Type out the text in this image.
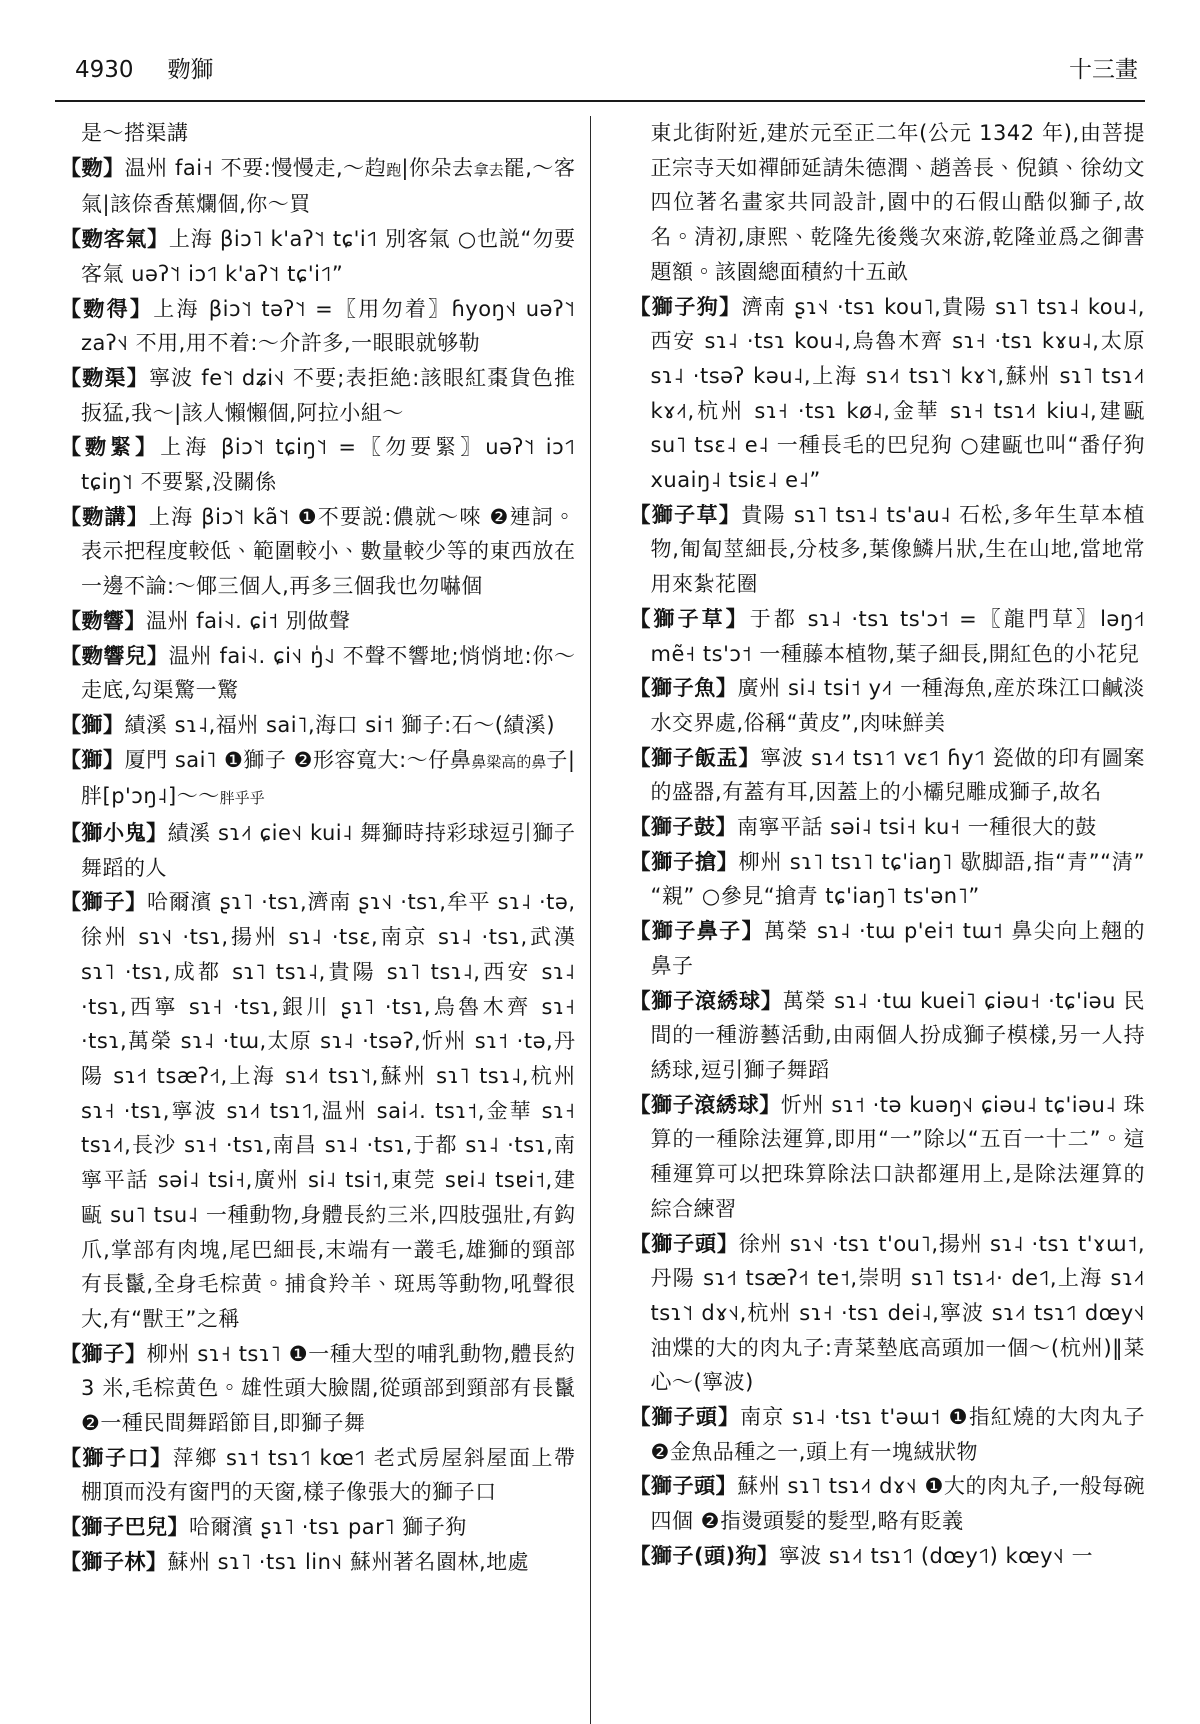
4930 覅獅	十三畫

是～搭渠講

【覅】温州 fai˧ 不要:慢慢走,～赹跑|你朵去拿去罷,～客氣|該倷香蕉爛個,你～買

【覅客氣】上海 βiɔ˥ k'aʔ˥˦ tɕ'i˦˥ 別客氣 ○也説“勿要客氣 uəʔ˥˦ iɔ˦˥ k'aʔ˥˦ tɕ'i˦˥”

【覅得】上海 βiɔ˥˦ təʔ˥˦ =〖用勿着〗ɦyoŋ˦˨ uəʔ˥˦ zaʔ˦˨ 不用,用不着:～介許多,一眼眼就够勒

【覅渠】寧波 fe˥˦ dʑi˦˨ 不要;表拒絶:該眼紅棗貨色推扳猛,我～|該人懶懶個,阿拉小組～

【覅緊】上海 βiɔ˥˦ tɕiŋ˥˦ =〖勿要緊〗uəʔ˥˦ iɔ˦˥ tɕiŋ˥˦ 不要緊,没關係

【覅講】上海 βiɔ˥˦ kã˥˦ ❶不要説:儂就～唻 ❷連詞。表示把程度較低、範圍較小、數量較少等的東西放在一邊不論:～倻三個人,再多三個我也勿嚇個

【覅響】温州 fai˧˨. ɕi˦ 別做聲

【覅響兒】温州 fai˧˨. ɕi˦˨ ŋ̍˨˩ 不聲不響地;悄悄地:你～走底,勾渠驚一驚

【獅】績溪 sɿ˨,福州 sai˥,海口 si˦ 獅子:石～(績溪)

【獅】厦門 sai˥ ❶獅子 ❷形容寬大:～仔鼻鼻梁高的鼻子|胖[p'ɔŋ˨]～～胖乎乎

【獅小鬼】績溪 sɿ˨˦ ɕie˦˨ kui˨ 舞獅時持彩球逗引獅子舞蹈的人

【獅子】哈爾濱 ʂɿ˥ ·tsɿ,濟南 ʂɿ˦˨ ·tsɿ,牟平 sɿ˨ ·tə,徐州 sɿ˦˨ ·tsɿ,揚州 sɿ˨ ·tsɛ,南京 sɿ˨ ·tsɿ,武漢 sɿ˥ ·tsɿ,成都 sɿ˥ tsɿ˨,貴陽 sɿ˥ tsɿ˨,西安 sɿ˨ ·tsɿ,西寧 sɿ˧ ·tsɿ,銀川 ʂɿ˥ ·tsɿ,烏魯木齊 sɿ˧ ·tsɿ,萬榮 sɿ˨ ·tɯ,太原 sɿ˨ ·tsəʔ,忻州 sɿ˦ ·tə,丹陽 sɿ˧˦ tsæʔ˧˦,上海 sɿ˨˦ tsɿ˥˦,蘇州 sɿ˥ tsɿ˨,杭州 sɿ˧ ·tsɿ,寧波 sɿ˨˦ tsɿ˦˥,温州 sai˨˧. tsɿ˦,金華 sɿ˧ tsɿ˨˦,長沙 sɿ˧ ·tsɿ,南昌 sɿ˨ ·tsɿ,于都 sɿ˨ ·tsɿ,南寧平話 səi˨ tsi˧,廣州 si˨ tsi˦,東莞 sɐi˨ tsɐi˦,建甌 su˥ tsu˨ 一種動物,身體長約三米,四肢强壯,有鈎爪,掌部有肉塊,尾巴細長,末端有一叢毛,雄獅的頸部有長鬣,全身毛棕黄。捕食羚羊、斑馬等動物,吼聲很大,有“獸王”之稱

【獅子】柳州 sɿ˧ tsɿ˥ ❶一種大型的哺乳動物,體長約 3 米,毛棕黄色。雄性頭大臉闊,從頭部到頸部有長鬣 ❷一種民間舞蹈節目,即獅子舞

【獅子口】萍鄉 sɿ˦ tsɿ˦˥ kœ˦˥ 老式房屋斜屋面上帶棚頂而没有窗門的天窗,樣子像張大的獅子口

【獅子巴兒】哈爾濱 ʂɿ˥ ·tsɿ par˥ 獅子狗

【獅子林】蘇州 sɿ˥ ·tsɿ lin˦˨ 蘇州著名園林,地處

東北街附近,建於元至正二年(公元 1342 年),由菩提正宗寺天如禪師延請朱德潤、趙善長、倪鎮、徐幼文四位著名畫家共同設計,園中的石假山酷似獅子,故名。清初,康熙、乾隆先後幾次來游,乾隆並爲之御書題額。該園總面積約十五畝

【獅子狗】濟南 ʂɿ˦˨ ·tsɿ kou˥,貴陽 sɿ˥ tsɿ˨ kou˨,西安 sɿ˨ ·tsɿ kou˨,烏魯木齊 sɿ˧ ·tsɿ kɤu˨,太原 sɿ˨ ·tsəʔ kəu˨,上海 sɿ˨˦ tsɿ˥˦ kɤ˥˦,蘇州 sɿ˥ tsɿ˨˦ kɤ˨˦,杭州 sɿ˧ ·tsɿ kø˨,金華 sɿ˧ tsɿ˨˦ kiu˨,建甌 su˥ tsɛ˨ e˨ 一種長毛的巴兒狗 ○建甌也叫“番仔狗 xuaiŋ˨ tsiɛ˨ e˨”

【獅子草】貴陽 sɿ˥ tsɿ˨ ts'au˨ 石松,多年生草本植物,匍匐莖細長,分枝多,葉像鱗片狀,生在山地,當地常用來紮花圈

【獅子草】于都 sɿ˨ ·tsɿ ts'ɔ˦ =〖龍門草〗ləŋ˧˦ mẽ˧ ts'ɔ˦ 一種藤本植物,葉子細長,開紅色的小花兒

【獅子魚】廣州 si˨ tsi˦ y˨˦ 一種海魚,産於珠江口鹹淡水交界處,俗稱“黄皮”,肉味鮮美

【獅子飯盂】寧波 sɿ˨˦ tsɿ˦˥ vɛ˦˥ ɦy˦˥ 瓷做的印有圖案的盛器,有蓋有耳,因蓋上的小欛兒雕成獅子,故名

【獅子鼓】南寧平話 səi˨ tsi˧ ku˧ 一種很大的鼓

【獅子搶】柳州 sɿ˥ tsɿ˥ tɕ'iaŋ˥ 歇脚語,指“青”“清”“親” ○參見“搶青 tɕ'iaŋ˥ ts'ən˥”

【獅子鼻子】萬榮 sɿ˨ ·tɯ p'ei˦ tɯ˦ 鼻尖向上翹的鼻子

【獅子滾綉球】萬榮 sɿ˨ ·tɯ kuei˥ ɕiəu˧ ·tɕ'iəu 民間的一種游藝活動,由兩個人扮成獅子模樣,另一人持綉球,逗引獅子舞蹈

【獅子滾綉球】忻州 sɿ˦ ·tə kuəŋ˦˨ ɕiəu˨ tɕ'iəu˨ 珠算的一種除法運算,即用“一”除以“五百一十二”。這種運算可以把珠算除法口訣都運用上,是除法運算的綜合練習

【獅子頭】徐州 sɿ˦˨ ·tsɿ t'ou˥,揚州 sɿ˨ ·tsɿ t'ɤɯ˦,丹陽 sɿ˧˦ tsæʔ˧˦ te˦,崇明 sɿ˥ tsɿ˨˧· de˦˥,上海 sɿ˨˦ tsɿ˥˦ dɤ˦˨,杭州 sɿ˧ ·tsɿ dei˨,寧波 sɿ˨˦ tsɿ˦˥ dœy˦˨ 油煠的大的肉丸子:青菜墊底高頭加一個～(杭州)‖菜心～(寧波)

【獅子頭】南京 sɿ˨ ·tsɿ t'əɯ˦ ❶指紅燒的大肉丸子 ❷金魚品種之一,頭上有一塊絨狀物

【獅子頭】蘇州 sɿ˥ tsɿ˨˦ dɤ˦˨ ❶大的肉丸子,一般每碗四個 ❷指燙頭髮的髮型,略有貶義

【獅子(頭)狗】寧波 sɿ˨˦ tsɿ˦˥ (dœy˦˥) kœy˦˨ 一
